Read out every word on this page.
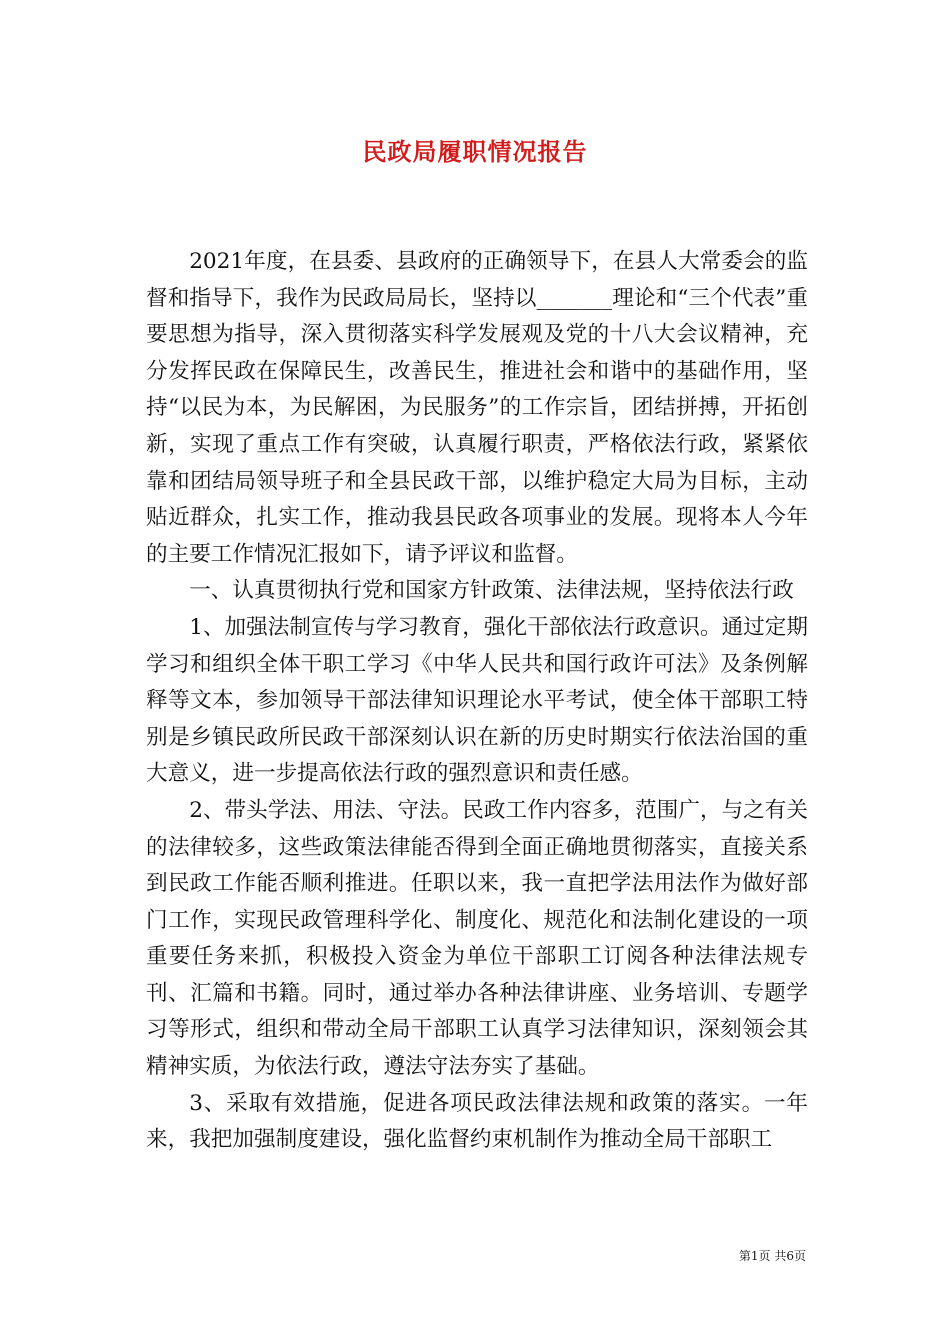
民政局履职情况报告

2021年度，在县委、县政府的正确领导下，在县人大常委会的监督和指导下，我作为民政局局长，坚持以_______理论和“三个代表”重要思想为指导，深入贯彻落实科学发展观及党的十八大会议精神，充分发挥民政在保障民生，改善民生，推进社会和谐中的基础作用，坚持“以民为本，为民解困，为民服务”的工作宗旨，团结拼搏，开拓创新，实现了重点工作有突破，认真履行职责，严格依法行政，紧紧依靠和团结局领导班子和全县民政干部，以维护稳定大局为目标，主动贴近群众，扎实工作，推动我县民政各项事业的发展。现将本人今年的主要工作情况汇报如下，请予评议和监督。

一、认真贯彻执行党和国家方针政策、法律法规，坚持依法行政

1、加强法制宣传与学习教育，强化干部依法行政意识。通过定期学习和组织全体干职工学习《中华人民共和国行政许可法》及条例解释等文本，参加领导干部法律知识理论水平考试，使全体干部职工特别是乡镇民政所民政干部深刻认识在新的历史时期实行依法治国的重大意义，进一步提高依法行政的强烈意识和责任感。

2、带头学法、用法、守法。民政工作内容多，范围广，与之有关的法律较多，这些政策法律能否得到全面正确地贯彻落实，直接关系到民政工作能否顺利推进。任职以来，我一直把学法用法作为做好部门工作，实现民政管理科学化、制度化、规范化和法制化建设的一项重要任务来抓，积极投入资金为单位干部职工订阅各种法律法规专刊、汇篇和书籍。同时，通过举办各种法律讲座、业务培训、专题学习等形式，组织和带动全局干部职工认真学习法律知识，深刻领会其精神实质，为依法行政，遵法守法夯实了基础。

3、采取有效措施，促进各项民政法律法规和政策的落实。一年来，我把加强制度建设，强化监督约束机制作为推动全局干部职工

第1页 共6页
